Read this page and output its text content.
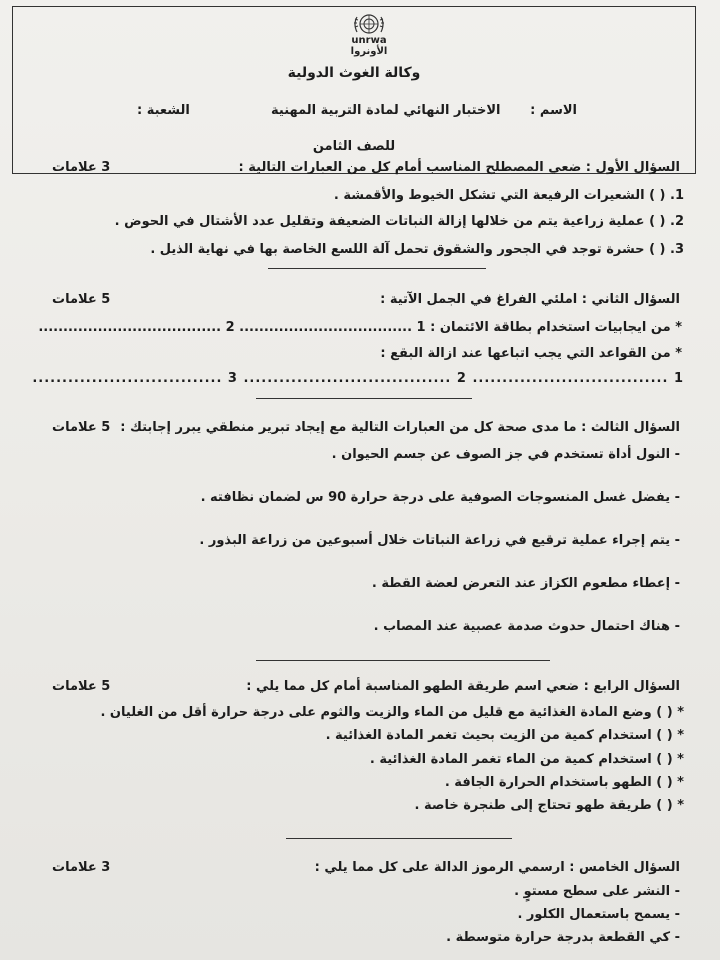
unrwa
الأونروا
وكالة الغوث الدولية
الاسم :
الاختبار النهائي لمادة التربية المهنية
الشعبة :
للصف الثامن
السؤال الأول : ضعي المصطلح المناسب أمام كل من العبارات التالية :
3 علامات
1. ( ) الشعيرات الرفيعة التي تشكل الخيوط والأقمشة .
2. ( ) عملية زراعية يتم من خلالها إزالة النباتات الضعيفة وتقليل عدد الأشتال في الحوض .
3. ( ) حشرة توجد في الجحور والشقوق تحمل آلة اللسع الخاصة بها في نهاية الذيل .
السؤال الثاني : املئي الفراغ في الجمل الآتية :
5 علامات
* من ايجابيات استخدام بطاقة الائتمان : 1 ................................... 2 .....................................
* من القواعد التي يجب اتباعها عند ازالة البقع :
1 ................................. 2 ................................... 3 ................................
السؤال الثالث : ما مدى صحة كل من العبارات التالية مع إيجاد تبرير منطقي يبرر إجابتك :
5 علامات
- النول أداة تستخدم في جز الصوف عن جسم الحيوان .
- يفضل غسل المنسوجات الصوفية على درجة حرارة 90 س لضمان نظافته .
- يتم إجراء عملية ترقيع في زراعة النباتات خلال أسبوعين من زراعة البذور .
- إعطاء مطعوم الكزاز عند التعرض لعضة القطة .
- هناك احتمال حدوث صدمة عصبية عند المصاب .
السؤال الرابع : ضعي اسم طريقة الطهو المناسبة أمام كل مما يلي :
5 علامات
* ( ) وضع المادة الغذائية مع قليل من الماء والزيت والثوم على درجة حرارة أقل من الغليان .
* ( ) استخدام كمية من الزيت بحيث تغمر المادة الغذائية .
* ( ) استخدام كمية من الماء تغمر المادة الغذائية .
* ( ) الطهو باستخدام الحرارة الجافة .
* ( ) طريقة طهو تحتاج إلى طنجرة خاصة .
السؤال الخامس : ارسمي الرموز الدالة على كل مما يلي :
3 علامات
- النشر على سطح مستوٍ .
- يسمح باستعمال الكلور .
- كي القطعة بدرجة حرارة متوسطة .
